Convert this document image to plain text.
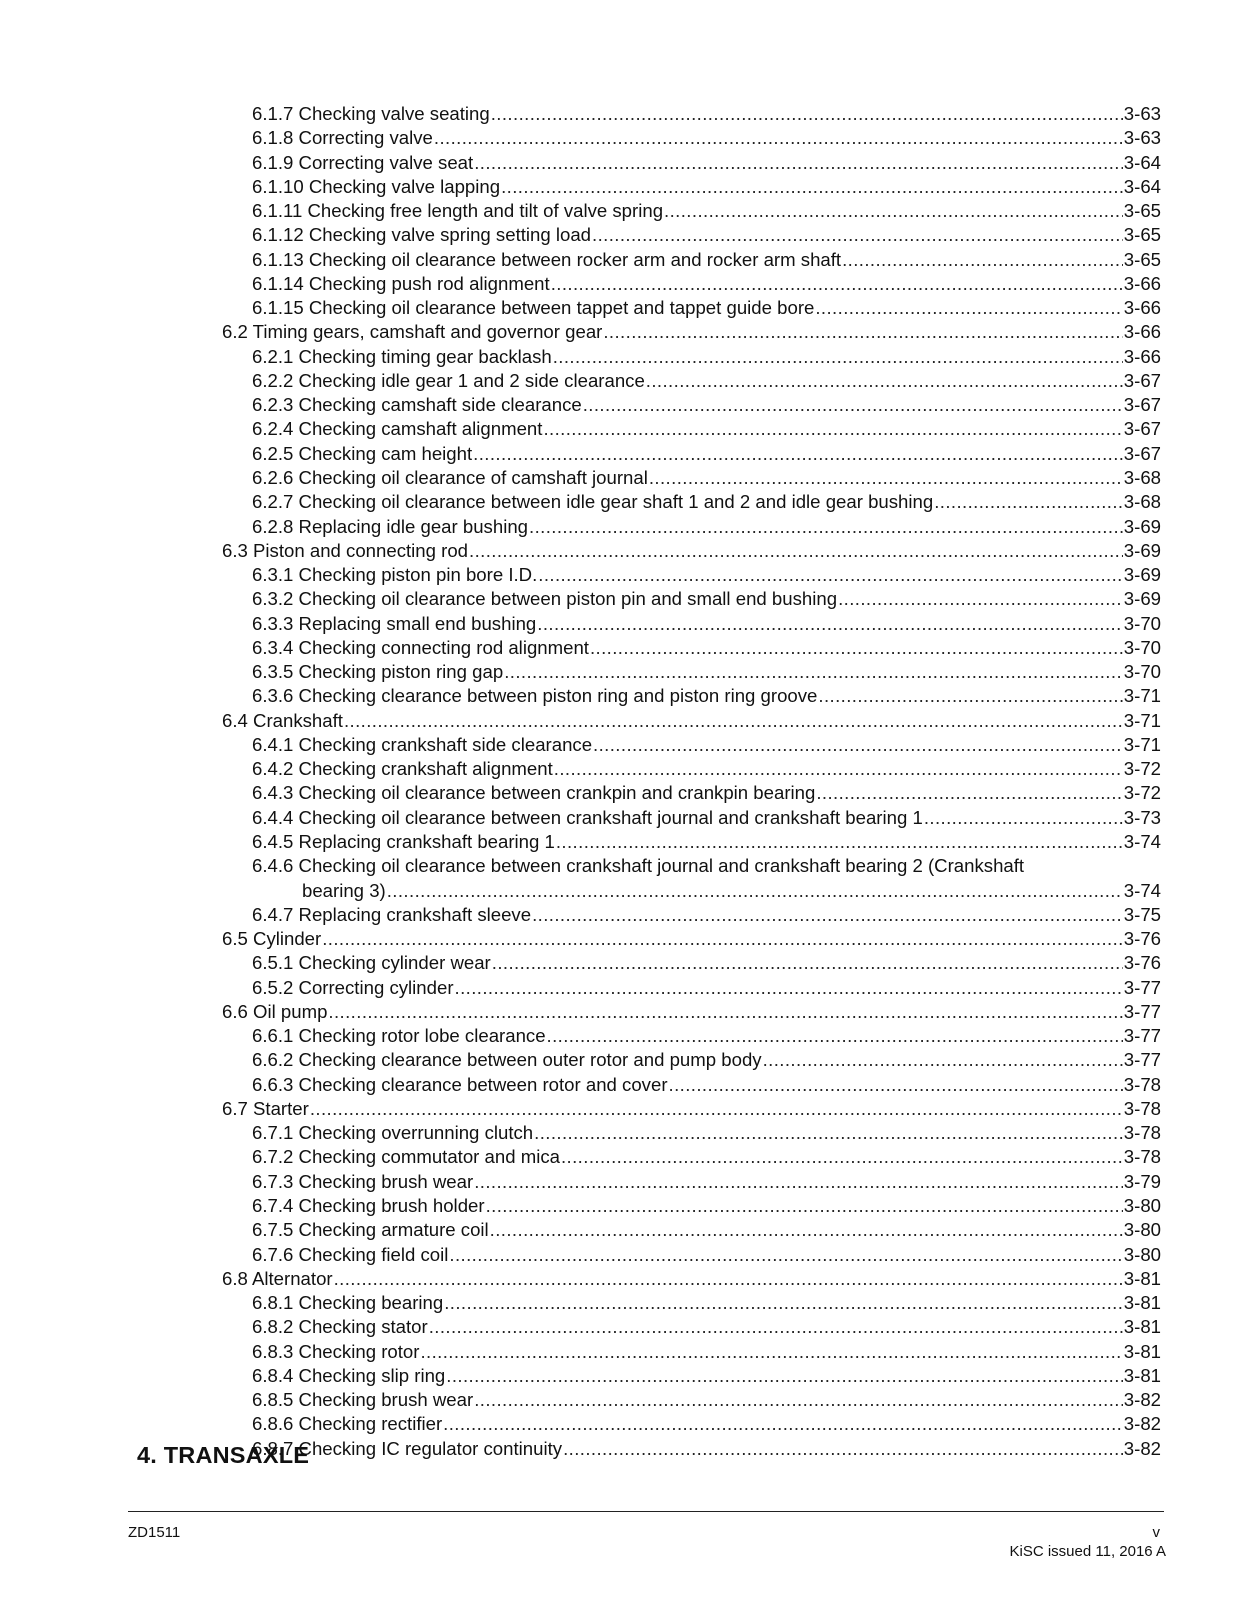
6.1.7 Checking valve seating .....	3-63
6.1.8 Correcting valve .....	3-63
6.1.9 Correcting valve seat .....	3-64
6.1.10 Checking valve lapping .....	3-64
6.1.11 Checking free length and tilt of valve spring .....	3-65
6.1.12 Checking valve spring setting load .....	3-65
6.1.13 Checking oil clearance between rocker arm and rocker arm shaft .....	3-65
6.1.14 Checking push rod alignment .....	3-66
6.1.15 Checking oil clearance between tappet and tappet guide bore .....	3-66
6.2 Timing gears, camshaft and governor gear .....	3-66
6.2.1 Checking timing gear backlash .....	3-66
6.2.2 Checking idle gear 1 and 2 side clearance .....	3-67
6.2.3 Checking camshaft side clearance .....	3-67
6.2.4 Checking camshaft alignment .....	3-67
6.2.5 Checking cam height .....	3-67
6.2.6 Checking oil clearance of camshaft journal .....	3-68
6.2.7 Checking oil clearance between idle gear shaft 1 and 2 and idle gear bushing .....	3-68
6.2.8 Replacing idle gear bushing .....	3-69
6.3 Piston and connecting rod .....	3-69
6.3.1 Checking piston pin bore I.D. .....	3-69
6.3.2 Checking oil clearance between piston pin and small end bushing .....	3-69
6.3.3 Replacing small end bushing .....	3-70
6.3.4 Checking connecting rod alignment .....	3-70
6.3.5 Checking piston ring gap .....	3-70
6.3.6 Checking clearance between piston ring and piston ring groove .....	3-71
6.4 Crankshaft .....	3-71
6.4.1 Checking crankshaft side clearance .....	3-71
6.4.2 Checking crankshaft alignment .....	3-72
6.4.3 Checking oil clearance between crankpin and crankpin bearing .....	3-72
6.4.4 Checking oil clearance between crankshaft journal and crankshaft bearing 1 .....	3-73
6.4.5 Replacing crankshaft bearing 1 .....	3-74
6.4.6 Checking oil clearance between crankshaft journal and crankshaft bearing 2 (Crankshaft
bearing 3) .....	3-74
6.4.7 Replacing crankshaft sleeve .....	3-75
6.5 Cylinder .....	3-76
6.5.1 Checking cylinder wear .....	3-76
6.5.2 Correcting cylinder .....	3-77
6.6 Oil pump .....	3-77
6.6.1 Checking rotor lobe clearance .....	3-77
6.6.2 Checking clearance between outer rotor and pump body .....	3-77
6.6.3 Checking clearance between rotor and cover .....	3-78
6.7 Starter .....	3-78
6.7.1 Checking overrunning clutch .....	3-78
6.7.2 Checking commutator and mica .....	3-78
6.7.3 Checking brush wear .....	3-79
6.7.4 Checking brush holder .....	3-80
6.7.5 Checking armature coil .....	3-80
6.7.6 Checking field coil .....	3-80
6.8 Alternator .....	3-81
6.8.1 Checking bearing .....	3-81
6.8.2 Checking stator .....	3-81
6.8.3 Checking rotor .....	3-81
6.8.4 Checking slip ring .....	3-81
6.8.5 Checking brush wear .....	3-82
6.8.6 Checking rectifier .....	3-82
6.8.7 Checking IC regulator continuity .....	3-82
4. TRANSAXLE
ZD1511	v
KiSC issued 11, 2016 A
